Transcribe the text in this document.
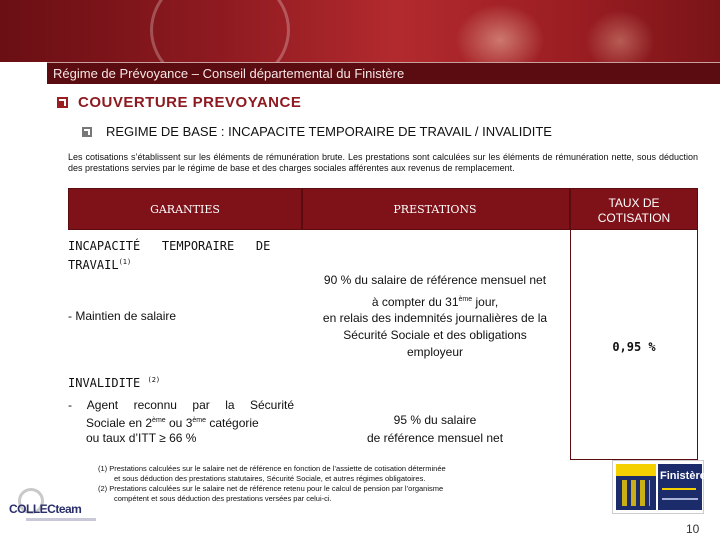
Régime de Prévoyance – Conseil départemental du Finistère
COUVERTURE PREVOYANCE
REGIME DE BASE : INCAPACITE TEMPORAIRE DE TRAVAIL / INVALIDITE

Les cotisations s’établissent sur les éléments de rémunération brute. Les prestations sont calculées sur les éléments de rémunération nette, sous déduction des prestations servies par le régime de base et des charges sociales afférentes aux revenus de remplacement.

GARANTIES	PRESTATIONS	TAUX DE
COTISATION
0,95 %
INCAPACITÉ   TEMPORAIRE   DE
TRAVAIL$^{(1)}$
- Maintien de salaire
90 % du salaire de référence mensuel net
à compter du 31ème jour,
en relais des indemnités journalières de la
Sécurité Sociale et des obligations
employeur
INVALIDITE $^{(2)}$
- Agent reconnu par la Sécurité
Sociale en 2ème ou 3ème catégorie
ou taux d’ITT ≥ 66 %
95 % du salaire
de référence mensuel net
(1) Prestations calculées sur le salaire net de référence en fonction de l’assiette de cotisation déterminée
et sous déduction des prestations statutaires, Sécurité Sociale, et autres régimes obligatoires.
(2) Prestations calculées sur le salaire net de référence retenu pour le calcul de pension par l’organisme
compétent et sous déduction des prestations versées par celui-ci.
COLLECteam
Finistère
10
